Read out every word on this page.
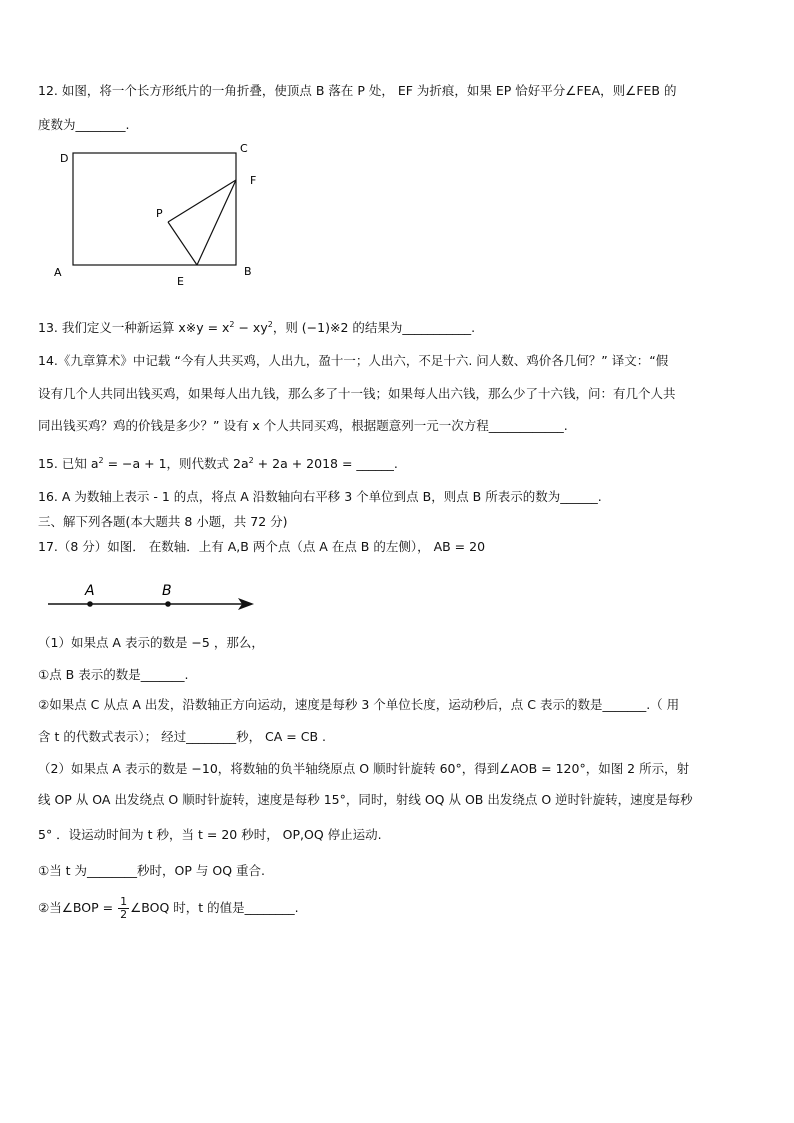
12. 如图，将一个长方形纸片的一角折叠，使顶点 B 落在 P 处， EF 为折痕，如果 EP 恰好平分∠FEA，则∠FEB 的
度数为________.
D
C
F
P
A
E
B
13. 我们定义一种新运算 x※y = $x^2 - xy^2$，则 (−1)※2 的结果为___________.
14.《九章算术》中记载 “今有人共买鸡，人出九，盈十一；人出六，不足十六. 问人数、鸡价各几何？” 译文：“假
设有几个人共同出钱买鸡，如果每人出九钱，那么多了十一钱；如果每人出六钱，那么少了十六钱，问：有几个人共
同出钱买鸡？鸡的价钱是多少？” 设有 x 个人共同买鸡，根据题意列一元一次方程____________.
15. 已知 $a^2 = -a + 1$，则代数式 $2a^2 + 2a + 2018$ = ______.
16. A 为数轴上表示 - 1 的点，将点 A 沿数轴向右平移 3 个单位到点 B，则点 B 所表示的数为______.
三、解下列各题(本大题共 8 小题，共 72 分)
17.（8 分）如图． 在数轴．上有 A,B 两个点（点 A 在点 B 的左侧）， AB = 20
A	B
（1）如果点 A 表示的数是 −5 ，那么，
①点 B 表示的数是_______.
②如果点 C 从点 A 出发，沿数轴正方向运动，速度是每秒 3 个单位长度，运动秒后，点 C 表示的数是_______.（ 用
含 t 的代数式表示）； 经过________秒， CA = CB .
（2）如果点 A 表示的数是 −10，将数轴的负半轴绕原点 O 顺时针旋转 60°，得到∠AOB = 120°，如图 2 所示，射
线 OP 从 OA 出发绕点 O 顺时针旋转，速度是每秒 15°，同时，射线 OQ 从 OB 出发绕点 O 逆时针旋转，速度是每秒
5° ．设运动时间为 t 秒，当 t = 20 秒时， OP,OQ 停止运动.
①当 t 为________秒时，OP 与 OQ 重合.
②当∠BOP = $\frac{1}{2}$ ∠BOQ 时，t 的值是________.
